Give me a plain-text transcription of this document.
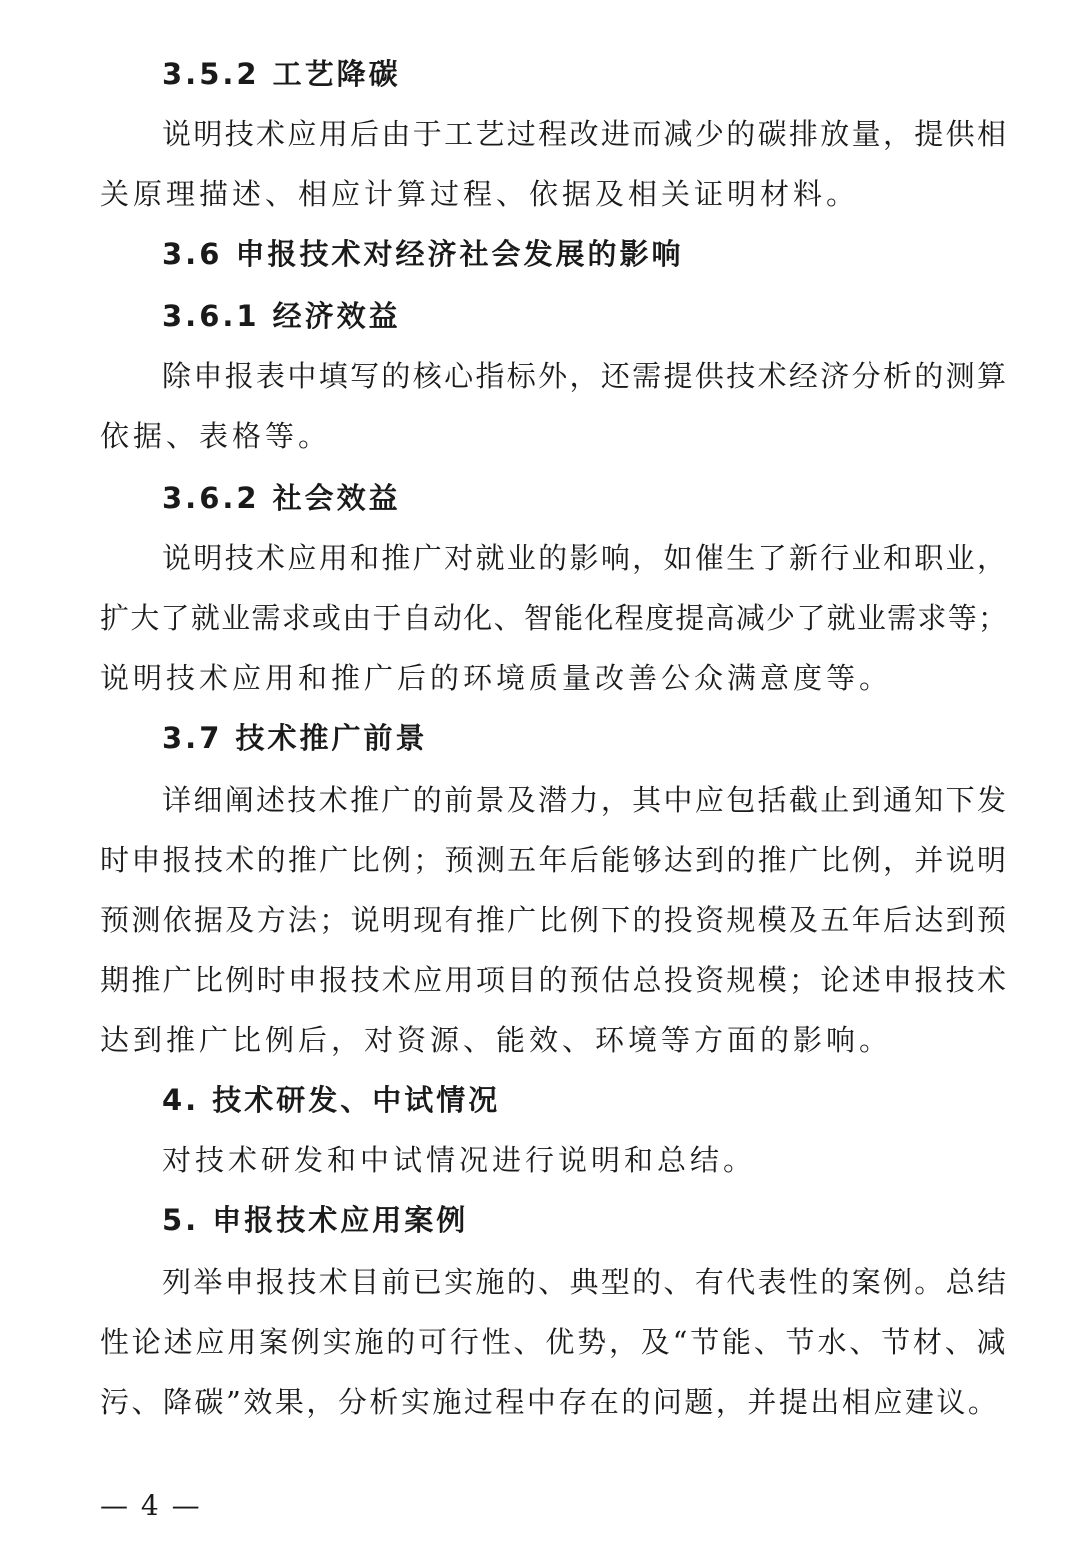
3.5.2 工艺降碳
说明技术应用后由于工艺过程改进而减少的碳排放量，提供相
关原理描述、相应计算过程、依据及相关证明材料。
3.6 申报技术对经济社会发展的影响
3.6.1 经济效益
除申报表中填写的核心指标外，还需提供技术经济分析的测算
依据、表格等。
3.6.2 社会效益
说明技术应用和推广对就业的影响，如催生了新行业和职业，
扩大了就业需求或由于自动化、智能化程度提高减少了就业需求等；
说明技术应用和推广后的环境质量改善公众满意度等。
3.7 技术推广前景
详细阐述技术推广的前景及潜力，其中应包括截止到通知下发
时申报技术的推广比例；预测五年后能够达到的推广比例，并说明
预测依据及方法；说明现有推广比例下的投资规模及五年后达到预
期推广比例时申报技术应用项目的预估总投资规模；论述申报技术
达到推广比例后，对资源、能效、环境等方面的影响。
4. 技术研发、中试情况
对技术研发和中试情况进行说明和总结。
5. 申报技术应用案例
列举申报技术目前已实施的、典型的、有代表性的案例。总结
性论述应用案例实施的可行性、优势，及“节能、节水、节材、减
污、降碳”效果，分析实施过程中存在的问题，并提出相应建议。
— 4 —
